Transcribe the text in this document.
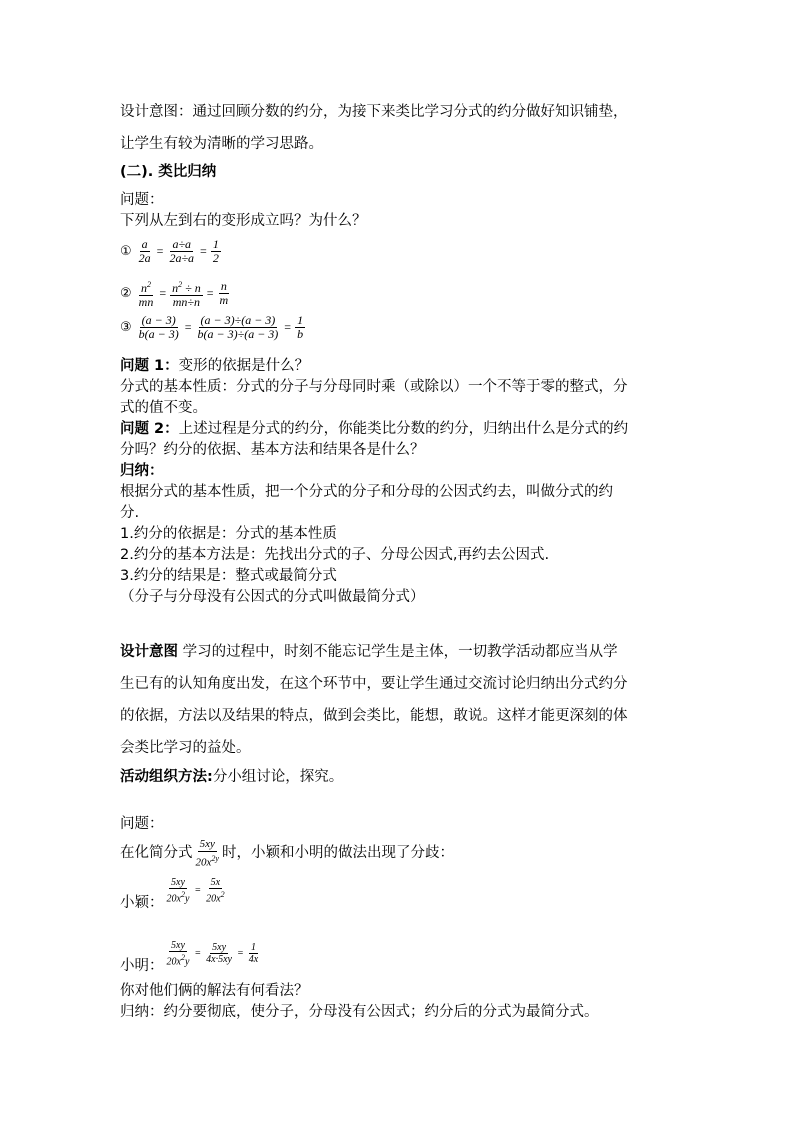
设计意图：通过回顾分数的约分，为接下来类比学习分式的约分做好知识铺垫，
让学生有较为清晰的学习思路。
(二). 类比归纳
问题：
下列从左到右的变形成立吗？为什么？
① $\frac{a}{2a} = \frac{a\div a}{2a\div a} = \frac{1}{2}$
② $\frac{n^2}{mn} = \frac{n^2 \div n}{mn\div n} = \frac{n}{m}$
③ $\frac{(a - 3)}{b(a - 3)} = \frac{(a - 3)\div(a - 3)}{b(a - 3)\div(a - 3)} = \frac{1}{b}$
问题 1：变形的依据是什么？
分式的基本性质：分式的分子与分母同时乘（或除以）一个不等于零的整式，分
式的值不变。
问题 2：上述过程是分式的约分，你能类比分数的约分，归纳出什么是分式的约
分吗？约分的依据、基本方法和结果各是什么？
归纳：
根据分式的基本性质，把一个分式的分子和分母的公因式约去，叫做分式的约
分.
1.约分的依据是：分式的基本性质
2.约分的基本方法是：先找出分式的子、分母公因式,再约去公因式.
3.约分的结果是：整式或最简分式
（分子与分母没有公因式的分式叫做最简分式）
设计意图 学习的过程中，时刻不能忘记学生是主体，一切教学活动都应当从学
生已有的认知角度出发，在这个环节中，要让学生通过交流讨论归纳出分式约分
的依据，方法以及结果的特点，做到会类比，能想，敢说。这样才能更深刻的体
会类比学习的益处。
活动组织方法:分小组讨论，探究。
问题：
在化简分式
5xy
$20x^{2y}$ 时，小颖和小明的做法出现了分歧：
小颖： $\frac{5xy}{20x^2y} = \frac{5x}{20x^2}$
小明： $\frac{5xy}{20x^2y} = \frac{5xy}{4x\cdot 5xy} = \frac{1}{4x}$
你对他们俩的解法有何看法？
归纳：约分要彻底，使分子，分母没有公因式；约分后的分式为最简分式。
